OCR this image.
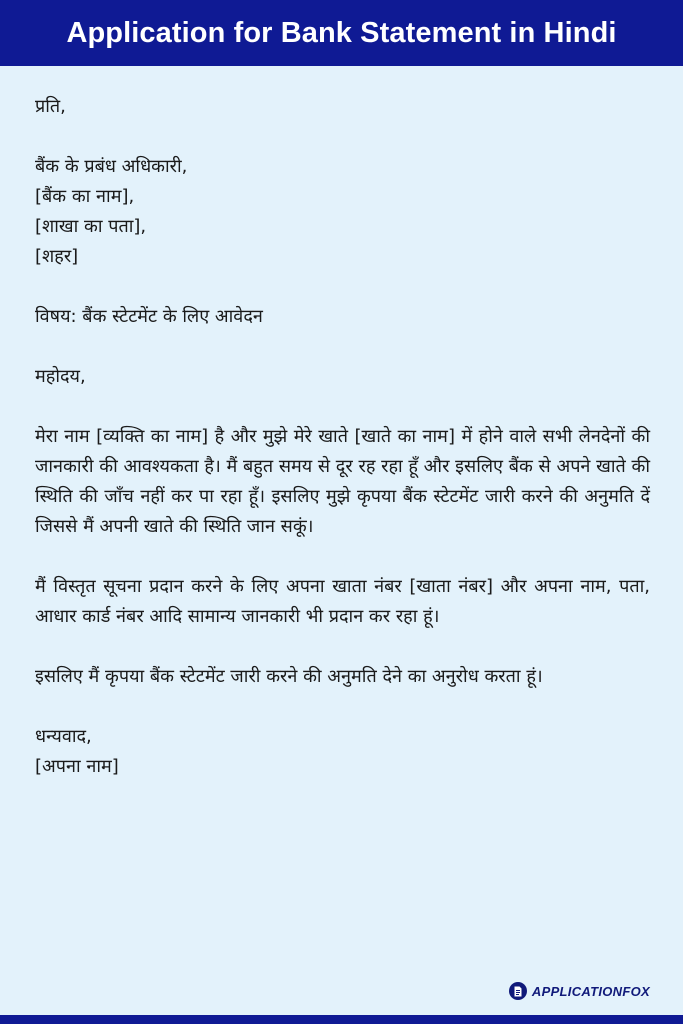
Application for Bank Statement in Hindi

प्रति,

बैंक के प्रबंध अधिकारी,

[बैंक का नाम],

[शाखा का पता],

[शहर]

विषय: बैंक स्टेटमेंट के लिए आवेदन

महोदय,

मेरा नाम [व्यक्ति का नाम] है और मुझे मेरे खाते [खाते का नाम] में होने वाले सभी लेनदेनों की जानकारी की आवश्यकता है। मैं बहुत समय से दूर रह रहा हूँ और इसलिए बैंक से अपने खाते की स्थिति की जाँच नहीं कर पा रहा हूँ। इसलिए मुझे कृपया बैंक स्टेटमेंट जारी करने की अनुमति दें जिससे मैं अपनी खाते की स्थिति जान सकूं।

मैं विस्तृत सूचना प्रदान करने के लिए अपना खाता नंबर [खाता नंबर] और अपना नाम, पता, आधार कार्ड नंबर आदि सामान्य जानकारी भी प्रदान कर रहा हूं।

इसलिए मैं कृपया बैंक स्टेटमेंट जारी करने की अनुमति देने का अनुरोध करता हूं।

धन्यवाद,

[अपना नाम]

APPLICATIONFOX
